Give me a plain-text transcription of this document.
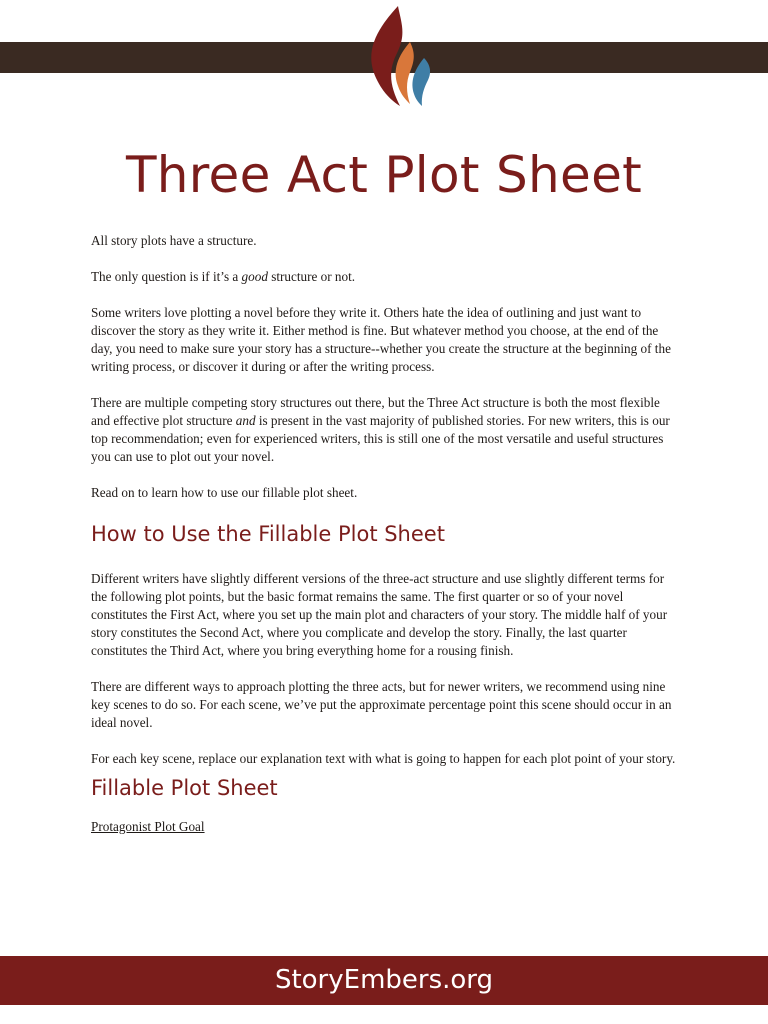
Three Act Plot Sheet

All story plots have a structure.

The only question is if it’s a good structure or not.

Some writers love plotting a novel before they write it. Others hate the idea of outlining and just want to discover the story as they write it. Either method is fine. But whatever method you choose, at the end of the day, you need to make sure your story has a structure--whether you create the structure at the beginning of the writing process, or discover it during or after the writing process.

There are multiple competing story structures out there, but the Three Act structure is both the most flexible and effective plot structure and is present in the vast majority of published stories. For new writers, this is our top recommendation; even for experienced writers, this is still one of the most versatile and useful structures you can use to plot out your novel.

Read on to learn how to use our fillable plot sheet.

How to Use the Fillable Plot Sheet

Different writers have slightly different versions of the three-act structure and use slightly different terms for the following plot points, but the basic format remains the same. The first quarter or so of your novel constitutes the First Act, where you set up the main plot and characters of your story. The middle half of your story constitutes the Second Act, where you complicate and develop the story. Finally, the last quarter constitutes the Third Act, where you bring everything home for a rousing finish.

There are different ways to approach plotting the three acts, but for newer writers, we recommend using nine key scenes to do so. For each scene, we’ve put the approximate percentage point this scene should occur in an ideal novel.

For each key scene, replace our explanation text with what is going to happen for each plot point of your story.

Fillable Plot Sheet

Protagonist Plot Goal

StoryEmbers.org
